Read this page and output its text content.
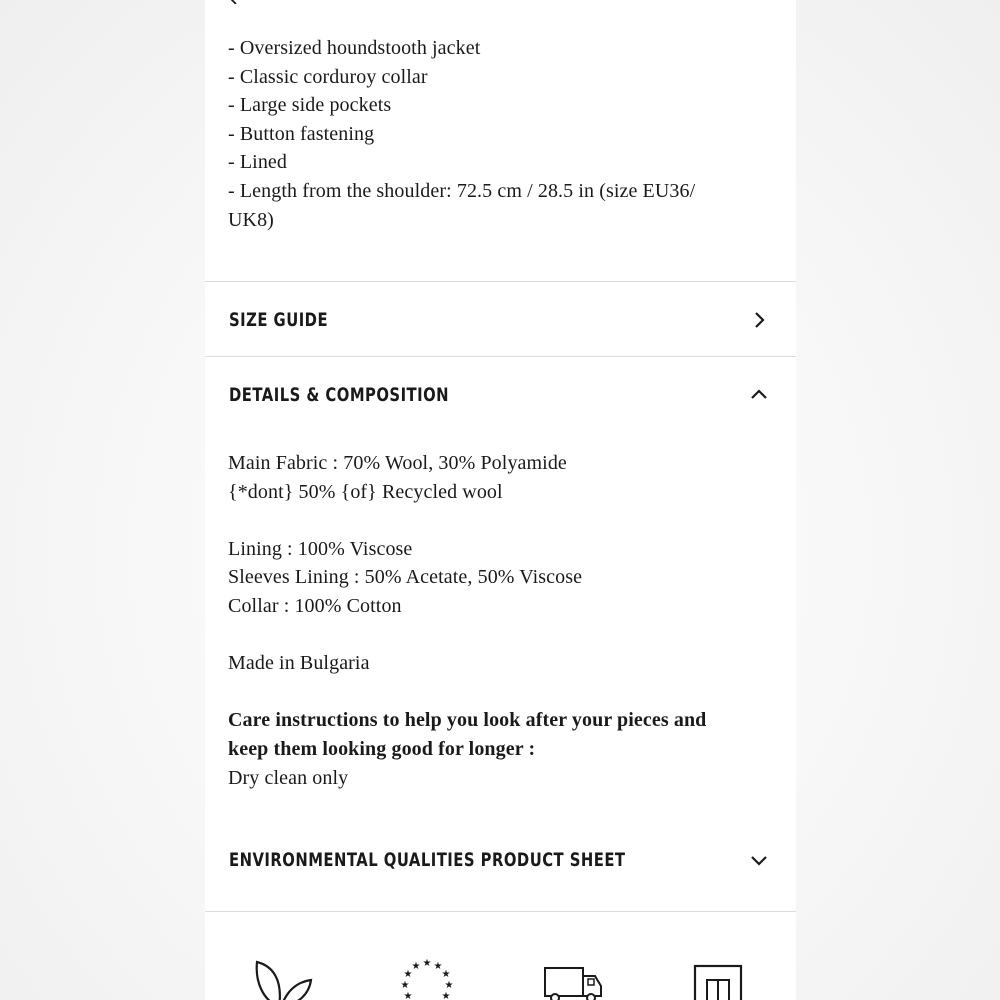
- Oversized houndstooth jacket
- Classic corduroy collar
- Large side pockets
- Button fastening
- Lined
- Length from the shoulder: 72.5 cm / 28.5 in (size EU36/
UK8)
SIZE GUIDE
DETAILS & COMPOSITION
Main Fabric : 70% Wool, 30% Polyamide
{*dont} 50% {of} Recycled wool
Lining : 100% Viscose
Sleeves Lining : 50% Acetate, 50% Viscose
Collar : 100% Cotton
Made in Bulgaria
Care instructions to help you look after your pieces and
keep them looking good for longer :
Dry clean only
ENVIRONMENTAL QUALITIES PRODUCT SHEET
★ ★
★
★
★
★
★
★
★
